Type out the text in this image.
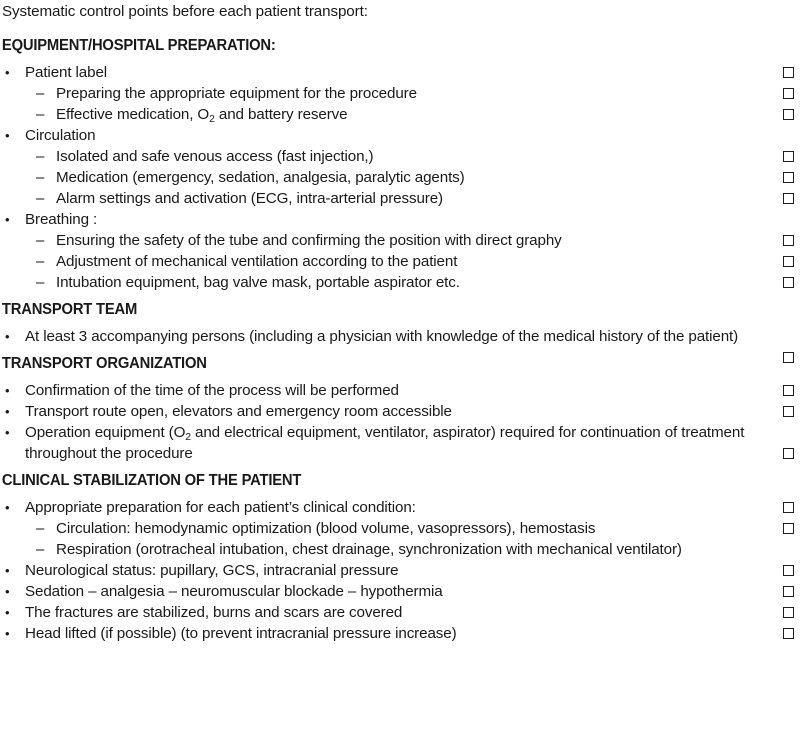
Systematic control points before each patient transport:
EQUIPMENT/HOSPITAL PREPARATION:
•	Patient label
– Preparing the appropriate equipment for the procedure
– Effective medication, $O_2$ and battery reserve
•	Circulation
– Isolated and safe venous access (fast injection,)
– Medication (emergency, sedation, analgesia, paralytic agents)
– Alarm settings and activation (ECG, intra-arterial pressure)
•	Breathing :
– Ensuring the safety of the tube and confirming the position with direct graphy
– Adjustment of mechanical ventilation according to the patient
– Intubation equipment, bag valve mask, portable aspirator etc.
TRANSPORT TEAM
•	At least 3 accompanying persons (including a physician with knowledge of the medical history of the patient)
TRANSPORT ORGANIZATION
•	Confirmation of the time of the process will be performed
•	Transport route open, elevators and emergency room accessible
•	Operation equipment ($O_2$ and electrical equipment, ventilator, aspirator) required for continuation of treatment throughout the procedure
CLINICAL STABILIZATION OF THE PATIENT
•	Appropriate preparation for each patient’s clinical condition:
– Circulation: hemodynamic optimization (blood volume, vasopressors), hemostasis
– Respiration (orotracheal intubation, chest drainage, synchronization with mechanical ventilator)
•	Neurological status: pupillary, GCS, intracranial pressure
•	Sedation – analgesia – neuromuscular blockade – hypothermia
•	The fractures are stabilized, burns and scars are covered
•	Head lifted (if possible) (to prevent intracranial pressure increase)
